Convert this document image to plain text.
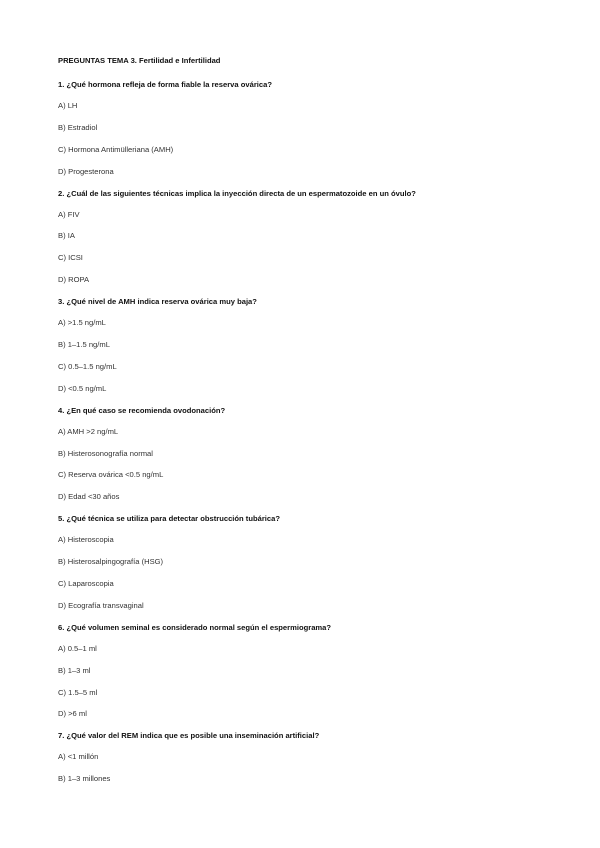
PREGUNTAS TEMA 3. Fertilidad e Infertilidad
1. ¿Qué hormona refleja de forma fiable la reserva ovárica?
A) LH
B) Estradiol
C) Hormona Antimülleriana (AMH)
D) Progesterona
2. ¿Cuál de las siguientes técnicas implica la inyección directa de un espermatozoide en un óvulo?
A) FIV
B) IA
C) ICSI
D) ROPA
3. ¿Qué nivel de AMH indica reserva ovárica muy baja?
A) >1.5 ng/mL
B) 1–1.5 ng/mL
C) 0.5–1.5 ng/mL
D) <0.5 ng/mL
4. ¿En qué caso se recomienda ovodonación?
A) AMH >2 ng/mL
B) Histerosonografía normal
C) Reserva ovárica <0.5 ng/mL
D) Edad <30 años
5. ¿Qué técnica se utiliza para detectar obstrucción tubárica?
A) Histeroscopia
B) Histerosalpingografía (HSG)
C) Laparoscopia
D) Ecografía transvaginal
6. ¿Qué volumen seminal es considerado normal según el espermiograma?
A) 0.5–1 ml
B) 1–3 ml
C) 1.5–5 ml
D) >6 ml
7. ¿Qué valor del REM indica que es posible una inseminación artificial?
A) <1 millón
B) 1–3 millones
